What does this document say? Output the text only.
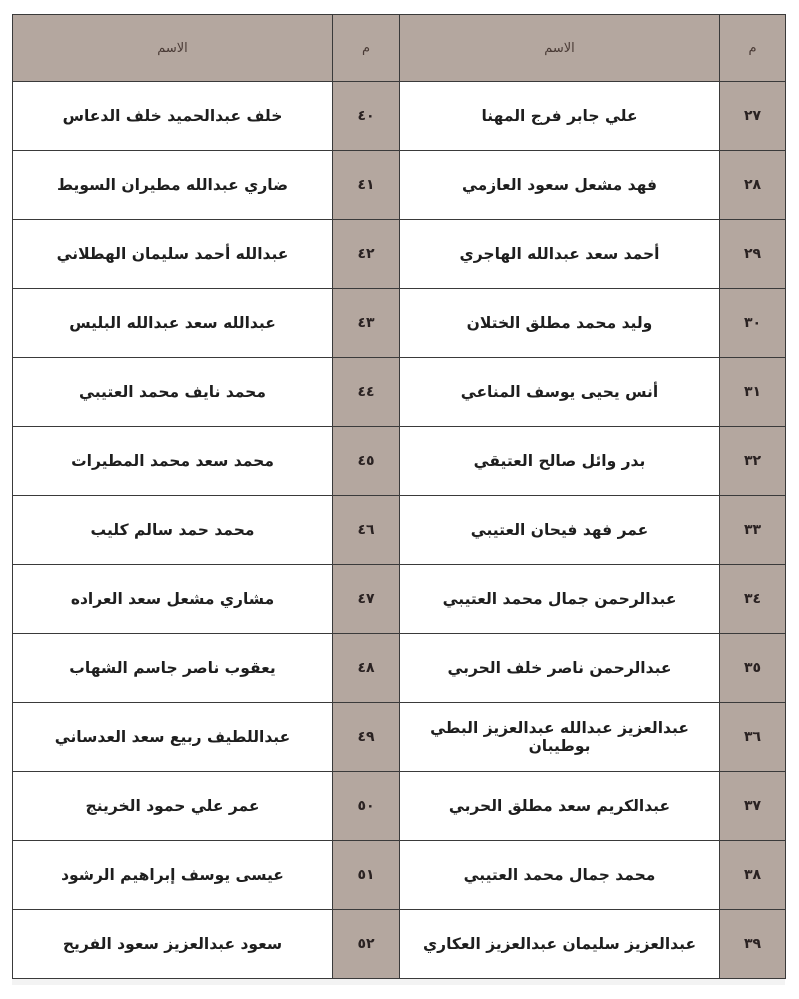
م	الاسم	م	الاسم
٢٧	علي جابر فرج المهنا	٤٠	خلف عبدالحميد خلف الدعاس
٢٨	فهد مشعل سعود العازمي	٤١	ضاري عبدالله مطيران السويط
٢٩	أحمد سعد عبدالله الهاجري	٤٢	عبدالله أحمد سليمان الهطلاني
٣٠	وليد محمد مطلق الختلان	٤٣	عبدالله سعد عبدالله البليس
٣١	أنس يحيى يوسف المناعي	٤٤	محمد نايف محمد العتيبي
٣٢	بدر وائل صالح العتيقي	٤٥	محمد سعد محمد المطيرات
٣٣	عمر فهد فيحان العتيبي	٤٦	محمد حمد سالم كليب
٣٤	عبدالرحمن جمال محمد العتيبي	٤٧	مشاري مشعل سعد العراده
٣٥	عبدالرحمن ناصر خلف الحربي	٤٨	يعقوب ناصر جاسم الشهاب
٣٦	عبدالعزيز عبدالله عبدالعزيز البطي بوطيبان	٤٩	عبداللطيف ربيع سعد العدساني
٣٧	عبدالكريم سعد مطلق الحربي	٥٠	عمر علي حمود الخرينج
٣٨	محمد جمال محمد العتيبي	٥١	عيسى يوسف إبراهيم الرشود
٣٩	عبدالعزيز سليمان عبدالعزيز العكاري	٥٢	سعود عبدالعزيز سعود الفريح
